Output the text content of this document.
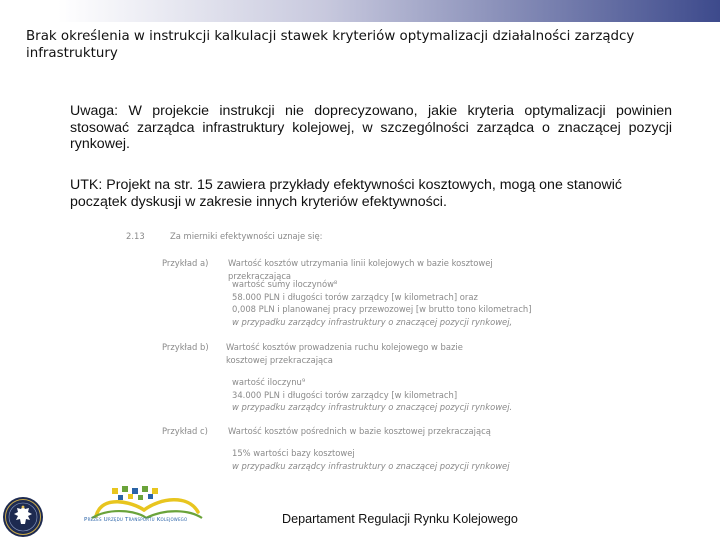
Brak określenia w instrukcji kalkulacji stawek kryteriów optymalizacji działalności zarządcy infrastruktury
Uwaga: W projekcie instrukcji nie doprecyzowano, jakie kryteria optymalizacji powinien stosować zarządca infrastruktury kolejowej, w szczególności zarządca o znaczącej pozycji rynkowej.
UTK: Projekt na str. 15 zawiera przykłady efektywności kosztowych, mogą one stanowić początek dyskusji w zakresie innych kryteriów efektywności.
2.13	Za mierniki efektywności uznaje się:
Przykład a) Wartość kosztów utrzymania linii kolejowych w bazie kosztowej przekraczająca
wartość sumy iloczynów⁸
58.000 PLN i długości torów zarządcy [w kilometrach] oraz
0,008 PLN i planowanej pracy przewozowej [w brutto tono kilometrach]
w przypadku zarządcy infrastruktury o znaczącej pozycji rynkowej,
Przykład b) Wartość kosztów prowadzenia ruchu kolejowego w bazie kosztowej przekraczająca
wartość iloczynu⁹
34.000 PLN i długości torów zarządcy [w kilometrach]
w przypadku zarządcy infrastruktury o znaczącej pozycji rynkowej.
Przykład c) Wartość kosztów pośrednich w bazie kosztowej przekraczającą
15% wartości bazy kosztowej
w przypadku zarządcy infrastruktury o znaczącej pozycji rynkowej
Prezes Urzędu Transportu Kolejowego	Departament Regulacji Rynku Kolejowego
